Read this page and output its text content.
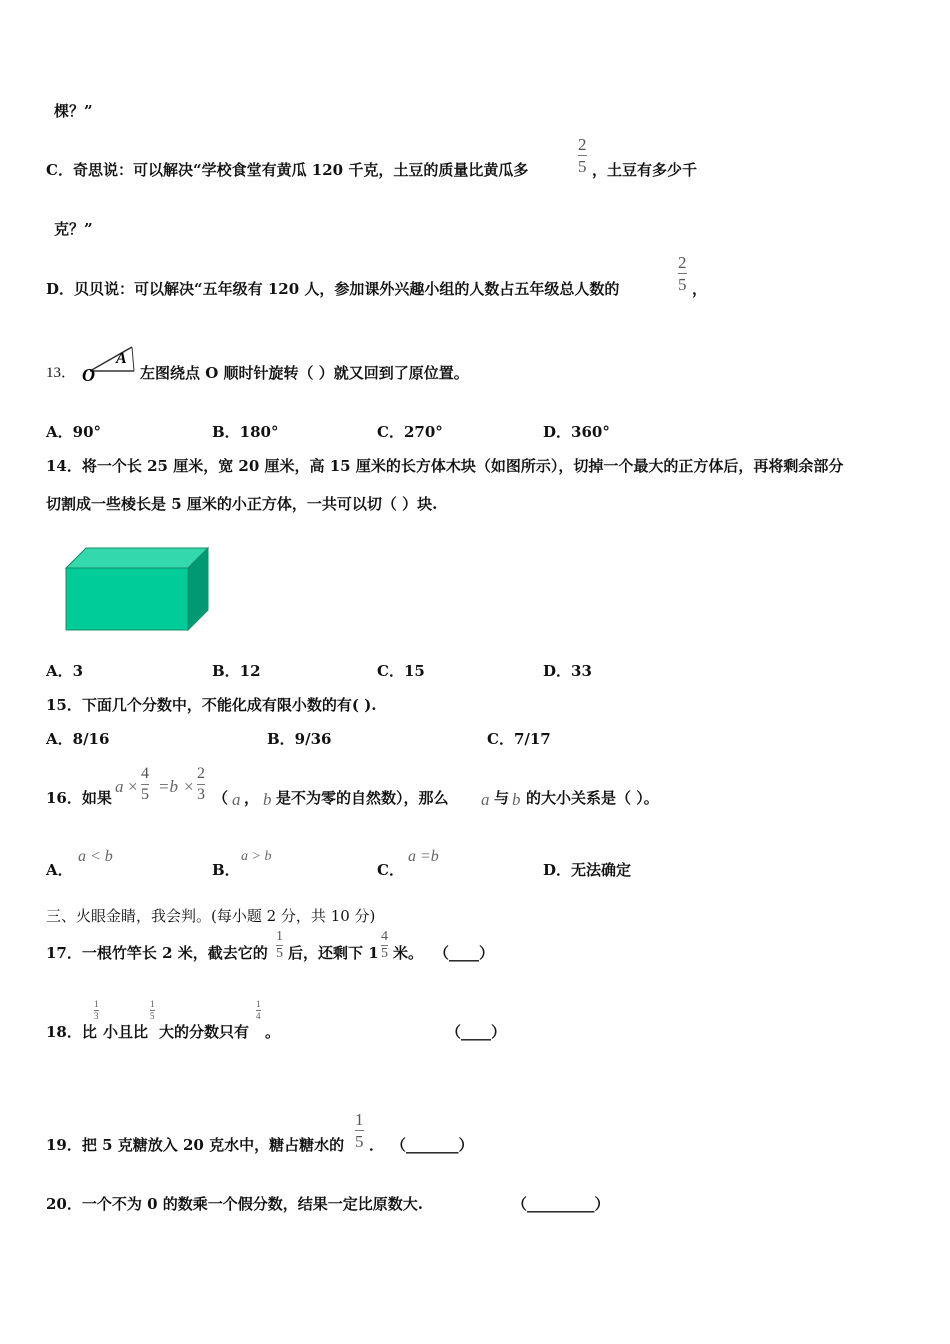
棵？”
C．奇思说：可以解决“学校食堂有黄瓜 120 千克，土豆的质量比黄瓜多
2
5 ，土豆有多少千
克？”
D．贝贝说：可以解决“五年级有 120 人，参加课外兴趣小组的人数占五年级总人数的
2
5 ，
13． O
A
左图绕点 O 顺时针旋转（ ）就又回到了原位置。
A．90°	B．180°	C．270°	D．360°
14．将一个长 25 厘米，宽 20 厘米，高 15 厘米的长方体木块（如图所示），切掉一个最大的正方体后，再将剩余部分
切割成一些棱长是 5 厘米的小正方体，一共可以切（ ）块.
A．3	B．12	C．15	D．33
15．下面几个分数中，不能化成有限小数的有( ).
A．8/16	B．9/36	C．7/17
16．如果
a ×
4
5 =b ×
2
3 （ a ， b 是不为零的自然数），那么 a 与 b 的大小关系是（ ）。
A．
a < b
B．
a > b
C．
a =b
D．无法确定
三、火眼金睛，我会判。(每小题 2 分，共 10 分)
17．一根竹竿长 2 米，截去它的
1
5 后，还剩下 1
4
5 米。 （____）
18．比
1
3
小且比
1
5
大的分数只有
1
4
。	（____）
19．把 5 克糖放入 20 克水中，糖占糖水的
1
5 ． （_______）
20．一个不为 0 的数乘一个假分数，结果一定比原数大.	（_________）
